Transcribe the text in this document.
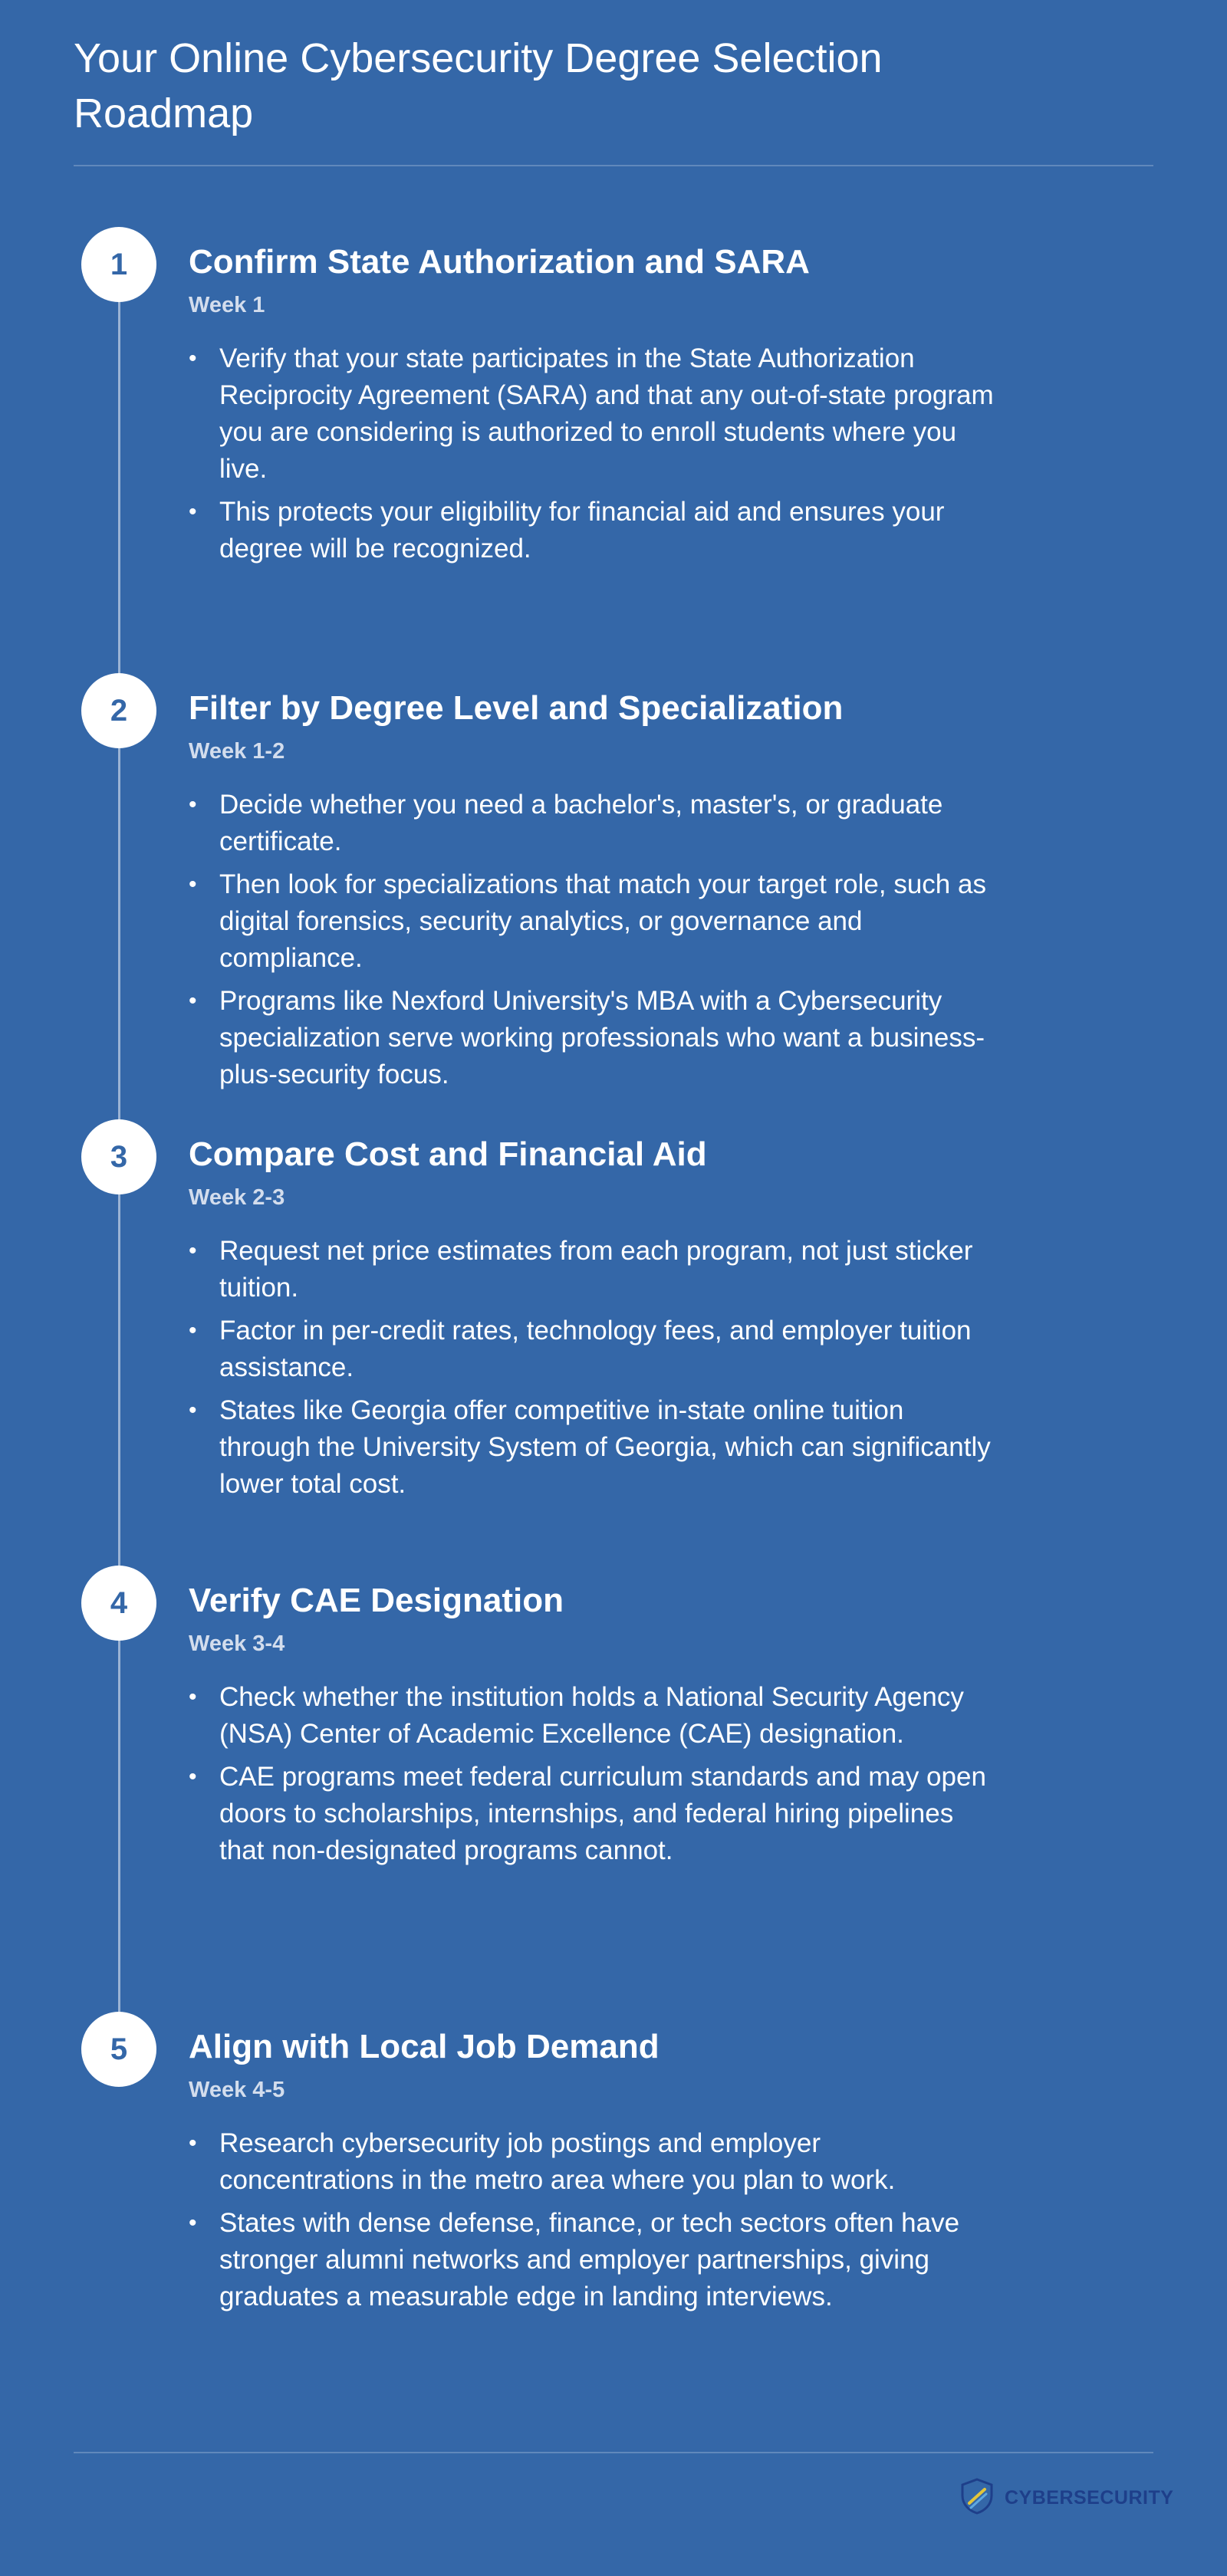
Your Online Cybersecurity Degree Selection Roadmap
1	Confirm State Authorization and SARA
Week 1
• Verify that your state participates in the State Authorization Reciprocity Agreement (SARA) and that any out-of-state program you are considering is authorized to enroll students where you live.
• This protects your eligibility for financial aid and ensures your degree will be recognized.
2	Filter by Degree Level and Specialization
Week 1-2
• Decide whether you need a bachelor's, master's, or graduate certificate.
• Then look for specializations that match your target role, such as digital forensics, security analytics, or governance and compliance.
• Programs like Nexford University's MBA with a Cybersecurity specialization serve working professionals who want a business-plus-security focus.
3	Compare Cost and Financial Aid
Week 2-3
• Request net price estimates from each program, not just sticker tuition.
• Factor in per-credit rates, technology fees, and employer tuition assistance.
• States like Georgia offer competitive in-state online tuition through the University System of Georgia, which can significantly lower total cost.
4	Verify CAE Designation
Week 3-4
• Check whether the institution holds a National Security Agency (NSA) Center of Academic Excellence (CAE) designation.
• CAE programs meet federal curriculum standards and may open doors to scholarships, internships, and federal hiring pipelines that non-designated programs cannot.
5	Align with Local Job Demand
Week 4-5
• Research cybersecurity job postings and employer concentrations in the metro area where you plan to work.
• States with dense defense, finance, or tech sectors often have stronger alumni networks and employer partnerships, giving graduates a measurable edge in landing interviews.
CYBERSECURITY
